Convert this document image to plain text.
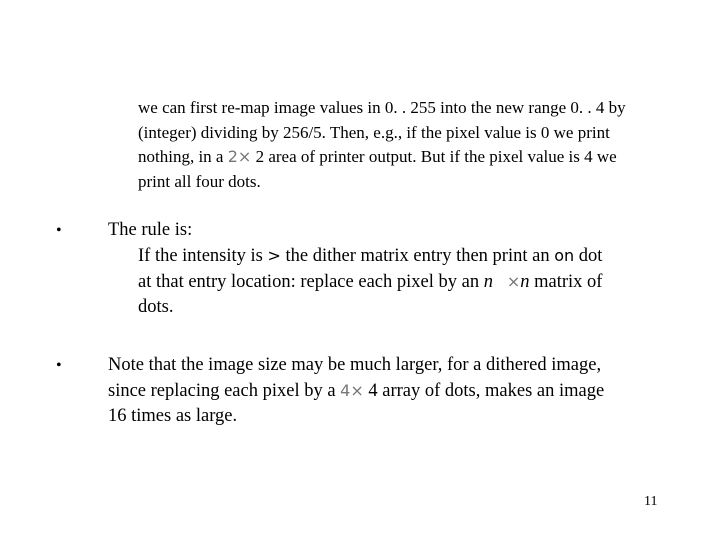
we can first re-map image values in 0. . 255 into the new range 0. . 4 by
(integer) dividing by 256/5. Then, e.g., if the pixel value is 0 we print
nothing, in a 2× 2 area of printer output. But if the pixel value is 4 we
print all four dots.
•	The rule is:
If the intensity is > the dither matrix entry then print an on dot
at that entry location: replace each pixel by an n ×n matrix of
dots.
•	Note that the image size may be much larger, for a dithered image,
since replacing each pixel by a 4× 4 array of dots, makes an image
16 times as large.
11
